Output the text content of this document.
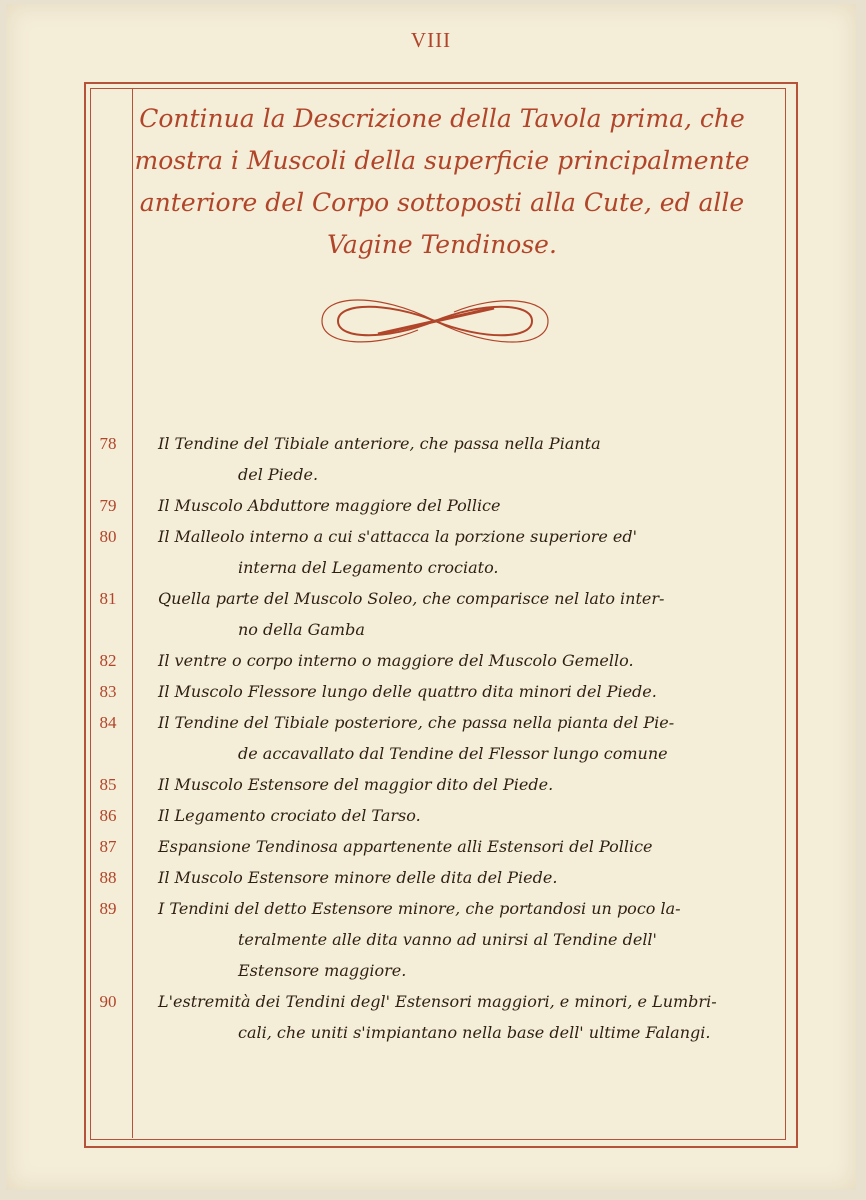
VIII
Continua la Descrizione della Tavola prima, che
mostra i Muscoli della superficie principalmente
anteriore del Corpo sottoposti alla Cute, ed alle
Vagine Tendinose.
78	Il Tendine del Tibiale anteriore, che passa nella Pianta
del Piede.
79	Il Muscolo Abduttore maggiore del Pollice
80	Il Malleolo interno a cui s'attacca la porzione superiore ed'
interna del Legamento crociato.
81	Quella parte del Muscolo Soleo, che comparisce nel lato inter-
no della Gamba
82	Il ventre o corpo interno o maggiore del Muscolo Gemello.
83	Il Muscolo Flessore lungo delle quattro dita minori del Piede.
84	Il Tendine del Tibiale posteriore, che passa nella pianta del Pie-
de accavallato dal Tendine del Flessor lungo comune
85	Il Muscolo Estensore del maggior dito del Piede.
86	Il Legamento crociato del Tarso.
87	Espansione Tendinosa appartenente alli Estensori del Pollice
88	Il Muscolo Estensore minore delle dita del Piede.
89	I Tendini del detto Estensore minore, che portandosi un poco la-
teralmente alle dita vanno ad unirsi al Tendine dell'
Estensore maggiore.
90	L'estremità dei Tendini degl' Estensori maggiori, e minori, e Lumbri-
cali, che uniti s'impiantano nella base dell' ultime Falangi.
